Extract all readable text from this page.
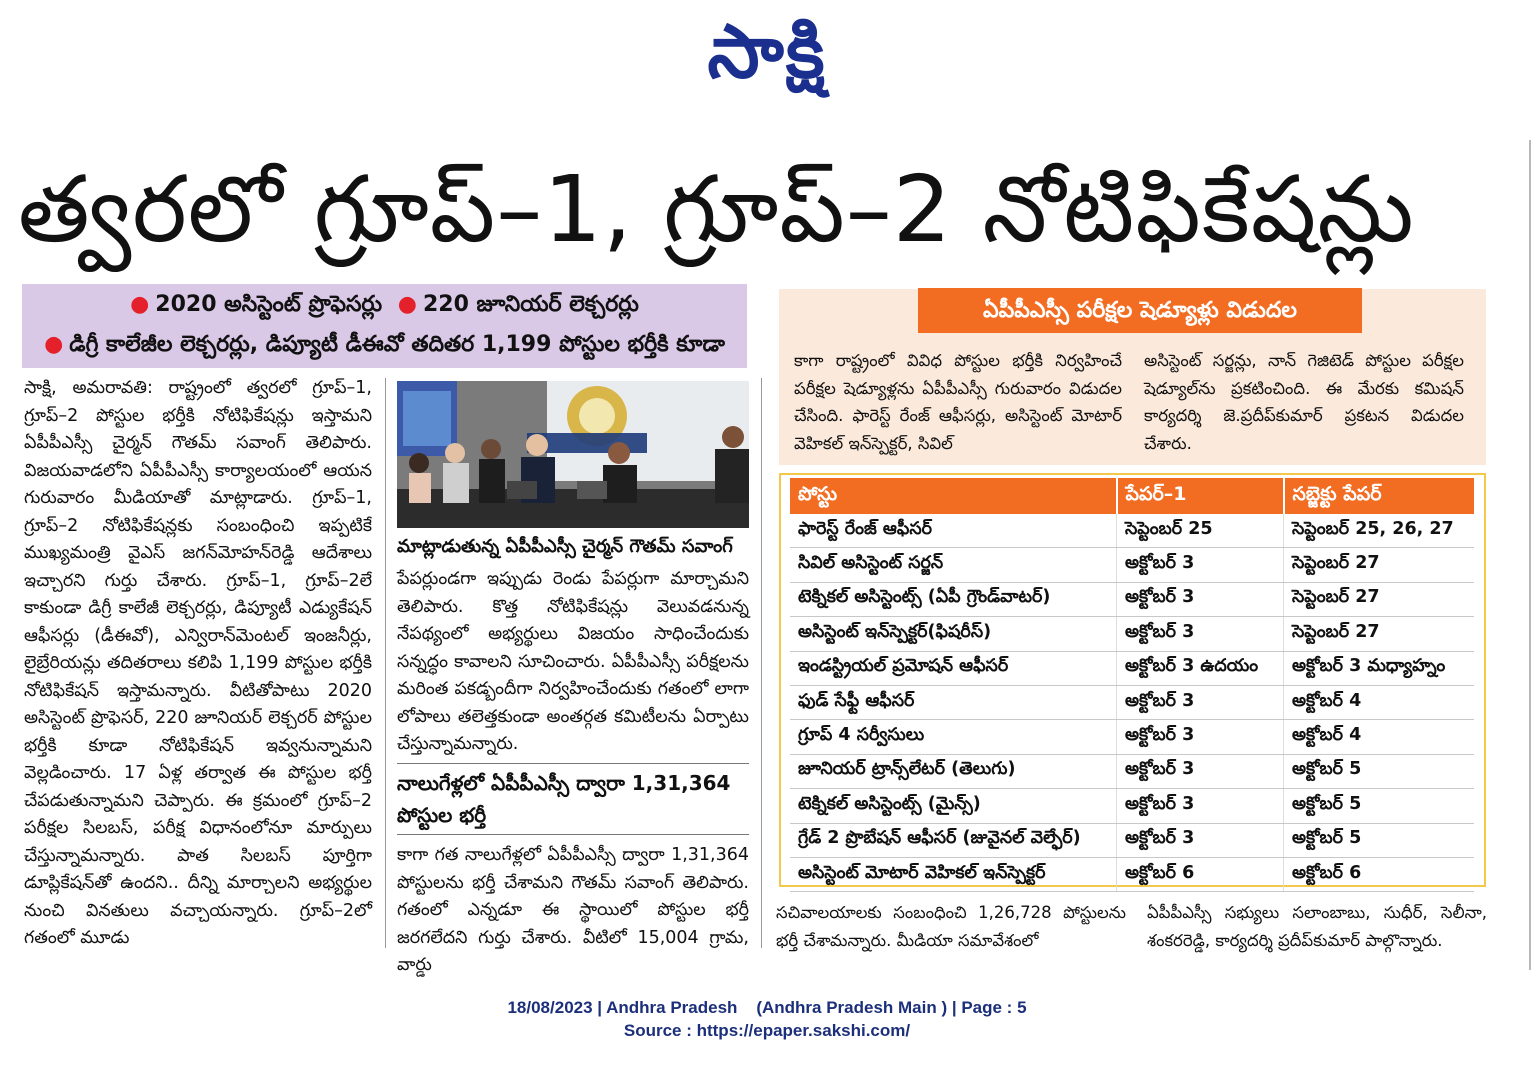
సాక్షి
త్వరలో గ్రూప్‌–1, గ్రూప్‌–2 నోటిఫికేషన్లు
● 2020 అసిస్టెంట్‌ ప్రొఫెసర్లు ● 220 జూనియర్‌ లెక్చరర్లు
● డిగ్రీ కాలేజీల లెక్చరర్లు, డిప్యూటీ డీఈవో తదితర 1,199 పోస్టుల భర్తీకి కూడా
సాక్షి, అమరావతి: రాష్ట్రంలో త్వరలో గ్రూప్‌–1, గ్రూప్‌–2 పోస్టుల భర్తీకి నోటిఫికేషన్లు ఇస్తామని ఏపీపీఎస్సీ చైర్మన్‌ గౌతమ్‌ సవాంగ్‌ తెలిపారు. విజయవాడలోని ఏపీపీఎస్సీ కార్యాలయంలో ఆయన గురువారం మీడియాతో మాట్లాడారు. గ్రూప్‌–1, గ్రూప్‌–2 నోటిఫికేషన్లకు సంబంధించి ఇప్పటికే ముఖ్యమంత్రి వైఎస్‌ జగన్‌మోహన్‌రెడ్డి ఆదేశాలు ఇచ్చారని గుర్తు చేశారు. గ్రూప్‌–1, గ్రూప్‌–2లే కాకుండా డిగ్రీ కాలేజీ లెక్చరర్లు, డిప్యూటీ ఎడ్యుకేషన్‌ ఆఫీసర్లు (డీఈవో), ఎన్విరాన్‌మెంటల్‌ ఇంజనీర్లు, లైబ్రేరియన్లు తదితరాలు కలిపి 1,199 పోస్టుల భర్తీకి నోటిఫికేషన్‌ ఇస్తామన్నారు. వీటితోపాటు 2020 అసిస్టెంట్‌ ప్రొఫెసర్, 220 జూనియర్‌ లెక్చరర్‌ పోస్టుల భర్తీకి కూడా నోటిఫికేషన్‌ ఇవ్వనున్నామని వెల్లడించారు. 17 ఏళ్ల తర్వాత ఈ పోస్టుల భర్తీ చేపడుతున్నామని చెప్పారు. ఈ క్రమంలో గ్రూప్‌–2 పరీక్షల సిలబస్, పరీక్ష విధానంలోనూ మార్పులు చేస్తున్నామన్నారు. పాత సిలబస్‌ పూర్తిగా డూప్లికేషన్‌తో ఉందని.. దీన్ని మార్చాలని అభ్యర్థుల నుంచి వినతులు వచ్చాయన్నారు. గ్రూప్‌–2లో గతంలో మూడు
మాట్లాడుతున్న ఏపీపీఎస్సీ చైర్మన్‌ గౌతమ్‌ సవాంగ్‌
పేపర్లుండగా ఇప్పుడు రెండు పేపర్లుగా మార్చామని తెలిపారు. కొత్త నోటిఫికేషన్లు వెలువడనున్న నేపథ్యంలో అభ్యర్థులు విజయం సాధించేందుకు సన్నద్ధం కావాలని సూచించారు. ఏపీపీఎస్సీ పరీక్షలను మరింత పకడ్బందీగా నిర్వహించేందుకు గతంలో లాగా లోపాలు తలెత్తకుండా అంతర్గత కమిటీలను ఏర్పాటు చేస్తున్నామన్నారు.
నాలుగేళ్లలో ఏపీపీఎస్సీ ద్వారా 1,31,364 పోస్టుల భర్తీ
కాగా గత నాలుగేళ్లలో ఏపీపీఎస్సీ ద్వారా 1,31,364 పోస్టులను భర్తీ చేశామని గౌతమ్‌ సవాంగ్‌ తెలిపారు. గతంలో ఎన్నడూ ఈ స్థాయిలో పోస్టుల భర్తీ జరగలేదని గుర్తు చేశారు. వీటిలో 15,004 గ్రామ, వార్డు
ఏపీపీఎస్సీ పరీక్షల షెడ్యూళ్లు విడుదల
కాగా రాష్ట్రంలో వివిధ పోస్టుల భర్తీకి నిర్వహించే పరీక్షల షెడ్యూళ్లను ఏపీపీఎస్సీ గురువారం విడుదల చేసింది. ఫారెస్ట్‌ రేంజ్‌ ఆఫీసర్లు, అసిస్టెంట్‌ మోటార్‌ వెహికల్‌ ఇన్‌స్పెక్టర్, సివిల్‌
అసిస్టెంట్‌ సర్జన్లు, నాన్‌ గెజిటెడ్‌ పోస్టుల పరీక్షల షెడ్యూల్‌ను ప్రకటించింది. ఈ మేరకు కమిషన్‌ కార్యదర్శి జె.ప్రదీప్‌కుమార్‌ ప్రకటన విడుదల చేశారు.
పోస్టు	పేపర్‌–1	సబ్జెక్టు పేపర్‌
ఫారెస్ట్‌ రేంజ్‌ ఆఫీసర్	సెప్టెంబర్‌ 25	సెప్టెంబర్‌ 25, 26, 27
సివిల్‌ అసిస్టెంట్‌ సర్జన్	అక్టోబర్‌ 3	సెప్టెంబర్‌ 27
టెక్నికల్‌ అసిస్టెంట్స్‌ (ఏపీ గ్రౌండ్‌వాటర్‌)	అక్టోబర్‌ 3	సెప్టెంబర్‌ 27
అసిస్టెంట్‌ ఇన్‌స్పెక్టర్‌(ఫిషరీస్‌)	అక్టోబర్‌ 3	సెప్టెంబర్‌ 27
ఇండస్ట్రియల్‌ ప్రమోషన్‌ ఆఫీసర్‌	అక్టోబర్‌ 3 ఉదయం	అక్టోబర్‌ 3 మధ్యాహ్నం
ఫుడ్‌ సేఫ్టీ ఆఫీసర్‌	అక్టోబర్‌ 3	అక్టోబర్‌ 4
గ్రూప్‌ 4 సర్వీసులు	అక్టోబర్‌ 3	అక్టోబర్‌ 4
జూనియర్‌ ట్రాన్స్‌లేటర్‌ (తెలుగు)	అక్టోబర్‌ 3	అక్టోబర్‌ 5
టెక్నికల్‌ అసిస్టెంట్స్‌ (మైన్స్‌)	అక్టోబర్‌ 3	అక్టోబర్‌ 5
గ్రేడ్‌ 2 ప్రొబేషన్‌ ఆఫీసర్‌ (జువైనల్‌ వెల్ఫేర్‌)	అక్టోబర్‌ 3	అక్టోబర్‌ 5
అసిస్టెంట్‌ మోటార్‌ వెహికల్‌ ఇన్‌స్పెక్టర్‌	అక్టోబర్‌ 6	అక్టోబర్‌ 6
సచివాలయాలకు సంబంధించి 1,26,728 పోస్టులను భర్తీ చేశామన్నారు. మీడియా సమావేశంలో
ఏపీపీఎస్సీ సభ్యులు సలాంబాబు, సుధీర్, సెలీనా, శంకరరెడ్డి, కార్యదర్శి ప్రదీప్‌కుమార్‌ పాల్గొన్నారు.
18/08/2023 | Andhra Pradesh    (Andhra Pradesh Main ) | Page : 5
Source : https://epaper.sakshi.com/
